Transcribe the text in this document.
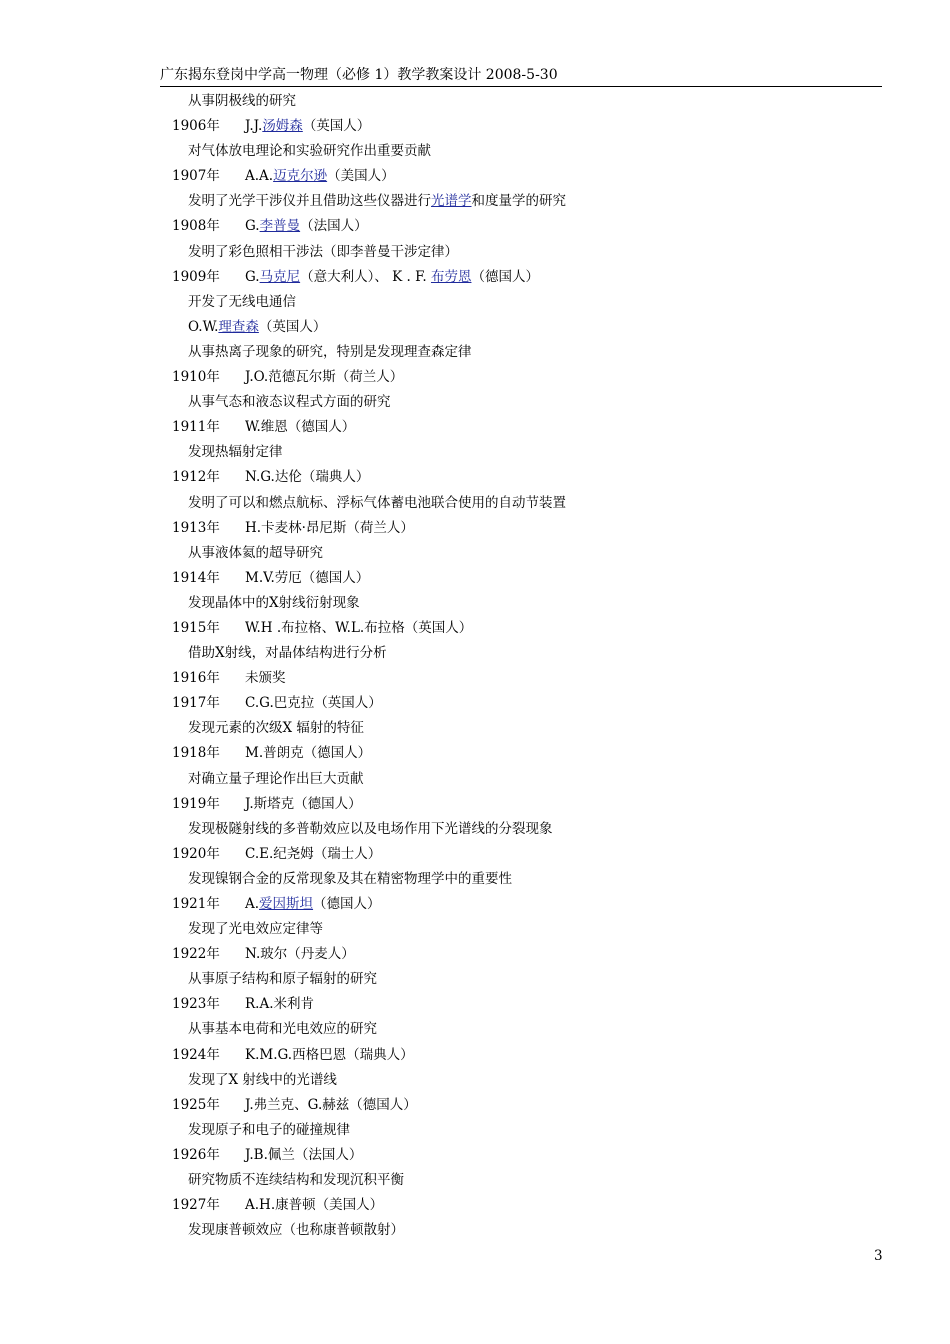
广东揭东登岗中学高一物理（必修 1）教学教案设计 2008-5-30
从事阴极线的研究
1906年 J.J.汤姆森（英国人）
对气体放电理论和实验研究作出重要贡献
1907年 A.A.迈克尔逊（美国人）
发明了光学干涉仪并且借助这些仪器进行光谱学和度量学的研究
1908年 G.李普曼（法国人）
发明了彩色照相干涉法（即李普曼干涉定律）
1909年 G.马克尼（意大利人）、 K . F. 布劳恩（德国人）
开发了无线电通信
O.W.理查森（英国人）
从事热离子现象的研究，特别是发现理查森定律
1910年 J.O.范德瓦尔斯（荷兰人）
从事气态和液态议程式方面的研究
1911年 W.维恩（德国人）
发现热辐射定律
1912年 N.G.达伦（瑞典人）
发明了可以和燃点航标、浮标气体蓄电池联合使用的自动节装置
1913年 H.卡麦林·昂尼斯（荷兰人）
从事液体氦的超导研究
1914年 M.V.劳厄（德国人）
发现晶体中的X射线衍射现象
1915年 W.H .布拉格、W.L.布拉格（英国人）
借助X射线，对晶体结构进行分析
1916年 未颁奖
1917年 C.G.巴克拉（英国人）
发现元素的次级X 辐射的特征
1918年 M.普朗克（德国人）
对确立量子理论作出巨大贡献
1919年 J.斯塔克（德国人）
发现极隧射线的多普勒效应以及电场作用下光谱线的分裂现象
1920年 C.E.纪尧姆（瑞士人）
发现镍钢合金的反常现象及其在精密物理学中的重要性
1921年 A.爱因斯坦（德国人）
发现了光电效应定律等
1922年 N.玻尔（丹麦人）
从事原子结构和原子辐射的研究
1923年 R.A.米利肯
从事基本电荷和光电效应的研究
1924年 K.M.G.西格巴恩（瑞典人）
发现了X 射线中的光谱线
1925年 J.弗兰克、G.赫兹（德国人）
发现原子和电子的碰撞规律
1926年 J.B.佩兰（法国人）
研究物质不连续结构和发现沉积平衡
1927年 A.H.康普顿（美国人）
发现康普顿效应（也称康普顿散射）
3
